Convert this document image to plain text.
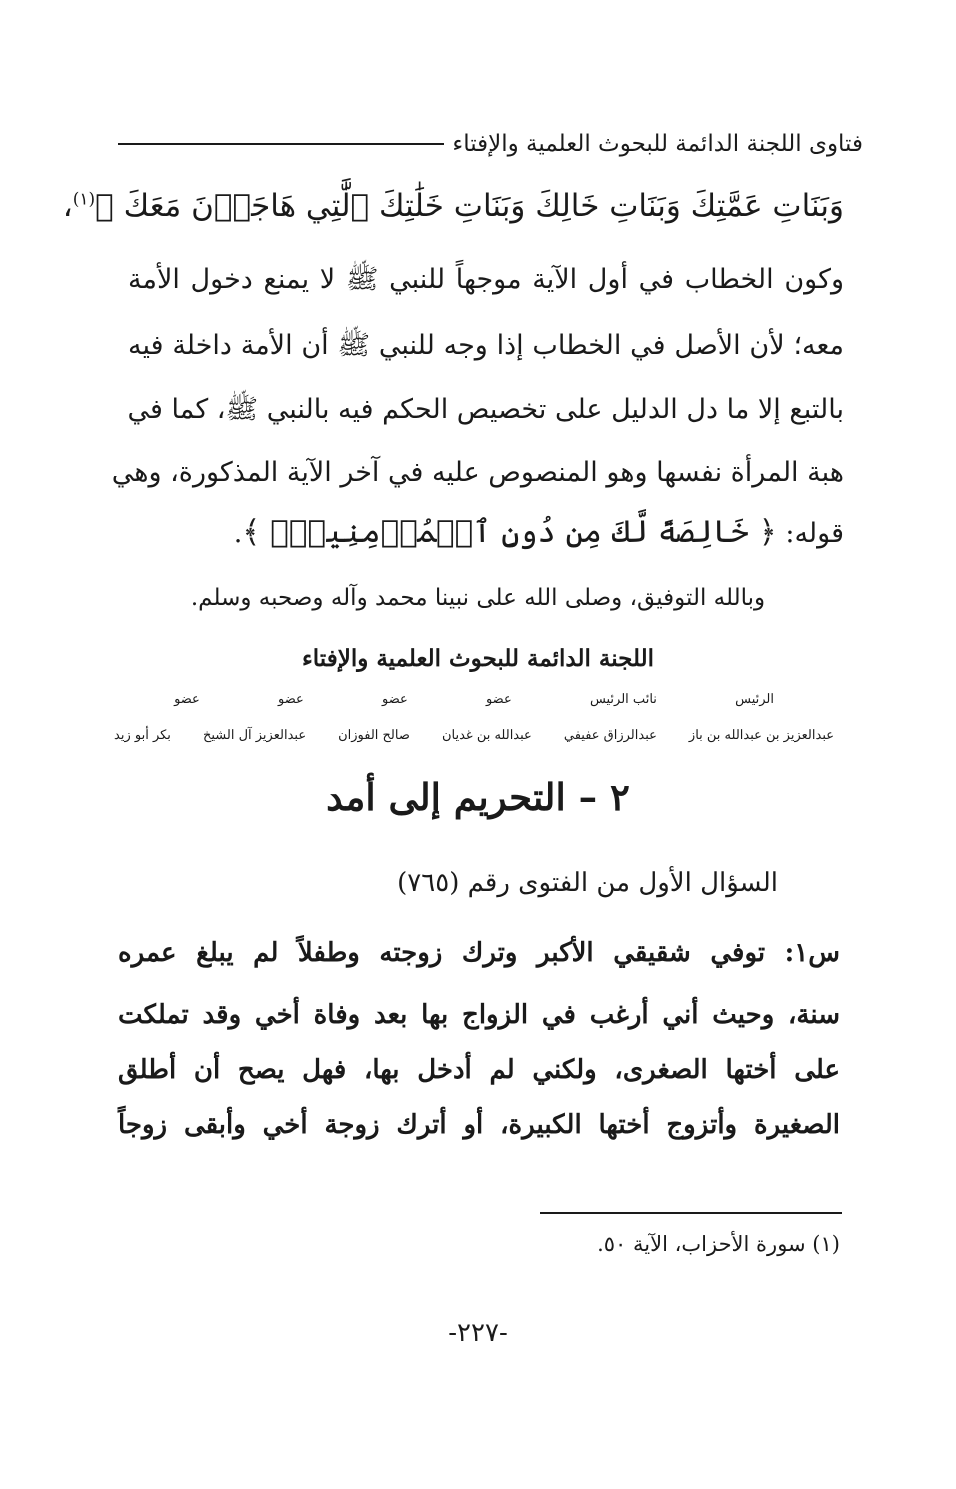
فتاوى اللجنة الدائمة للبحوث العلمية والإفتاء
وَبَنَاتِ عَمَّتِكَ وَبَنَاتِ خَالِكَ وَبَنَاتِ خَلَٰتِكَ ٱلَّٰتِي هَاجَرۡنَ مَعَكَ ﴾$^{(١)}$،
وكون الخطاب في أول الآية موجهاً للنبي ﷺ لا يمنع دخول الأمة
معه؛ لأن الأصل في الخطاب إذا وجه للنبي ﷺ أن الأمة داخلة فيه
بالتبع إلا ما دل الدليل على تخصيص الحكم فيه بالنبي ﷺ، كما في
هبة المرأة نفسها وهو المنصوص عليه في آخر الآية المذكورة، وهي
قوله: ﴿ خَالِصَةً لَّكَ مِن دُونِ ٱلۡمُؤۡمِنِينَۗ ﴾.
وبالله التوفيق، وصلى الله على نبينا محمد وآله وصحبه وسلم.
اللجنة الدائمة للبحوث العلمية والإفتاء
الرئيس
نائب الرئيس
عضو
عضو
عضو
عضو
عبدالعزيز بن عبدالله بن باز
عبدالرزاق عفيفي
عبدالله بن غديان
صالح الفوزان
عبدالعزيز آل الشيخ
بكر أبو زيد
٢ – التحريم إلى أمد
السؤال الأول من الفتوى رقم (٧٦٥)
س١: توفي شقيقي الأكبر وترك زوجته وطفلاً لم يبلغ عمره
سنة، وحيث أني أرغب في الزواج بها بعد وفاة أخي وقد تملكت
على أختها الصغرى، ولكني لم أدخل بها، فهل يصح أن أطلق
الصغيرة وأتزوج أختها الكبيرة، أو أترك زوجة أخي وأبقى زوجاً
(١) سورة الأحزاب، الآية ٥٠.
-٢٢٧-
